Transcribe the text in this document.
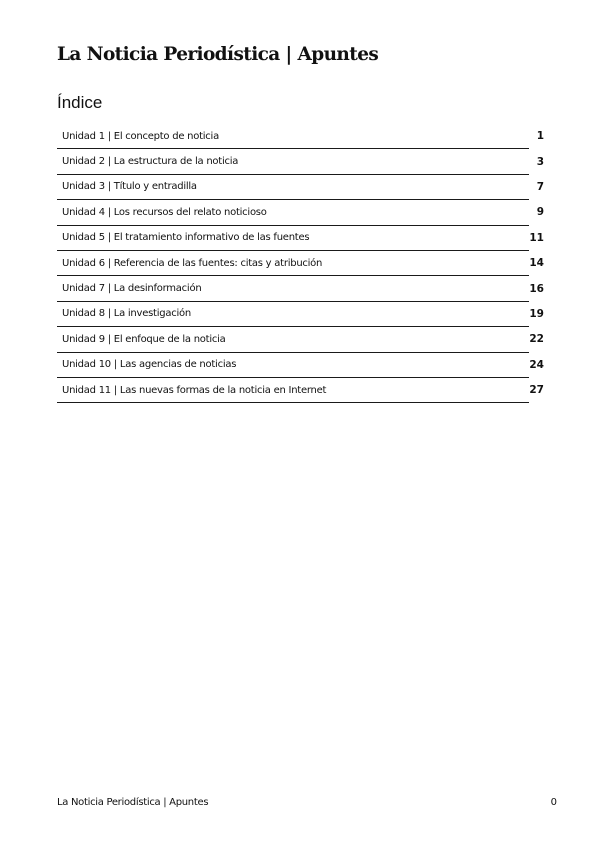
La Noticia Periodística | Apuntes
Índice
Unidad 1 | El concepto de noticia	1
Unidad 2 | La estructura de la noticia	3
Unidad 3 | Título y entradilla	7
Unidad 4 | Los recursos del relato noticioso	9
Unidad 5 | El tratamiento informativo de las fuentes	11
Unidad 6 | Referencia de las fuentes: citas y atribución	14
Unidad 7 | La desinformación	16
Unidad 8 | La investigación	19
Unidad 9 | El enfoque de la noticia	22
Unidad 10 | Las agencias de noticias	24
Unidad 11 | Las nuevas formas de la noticia en Internet	27
La Noticia Periodística | Apuntes	0
